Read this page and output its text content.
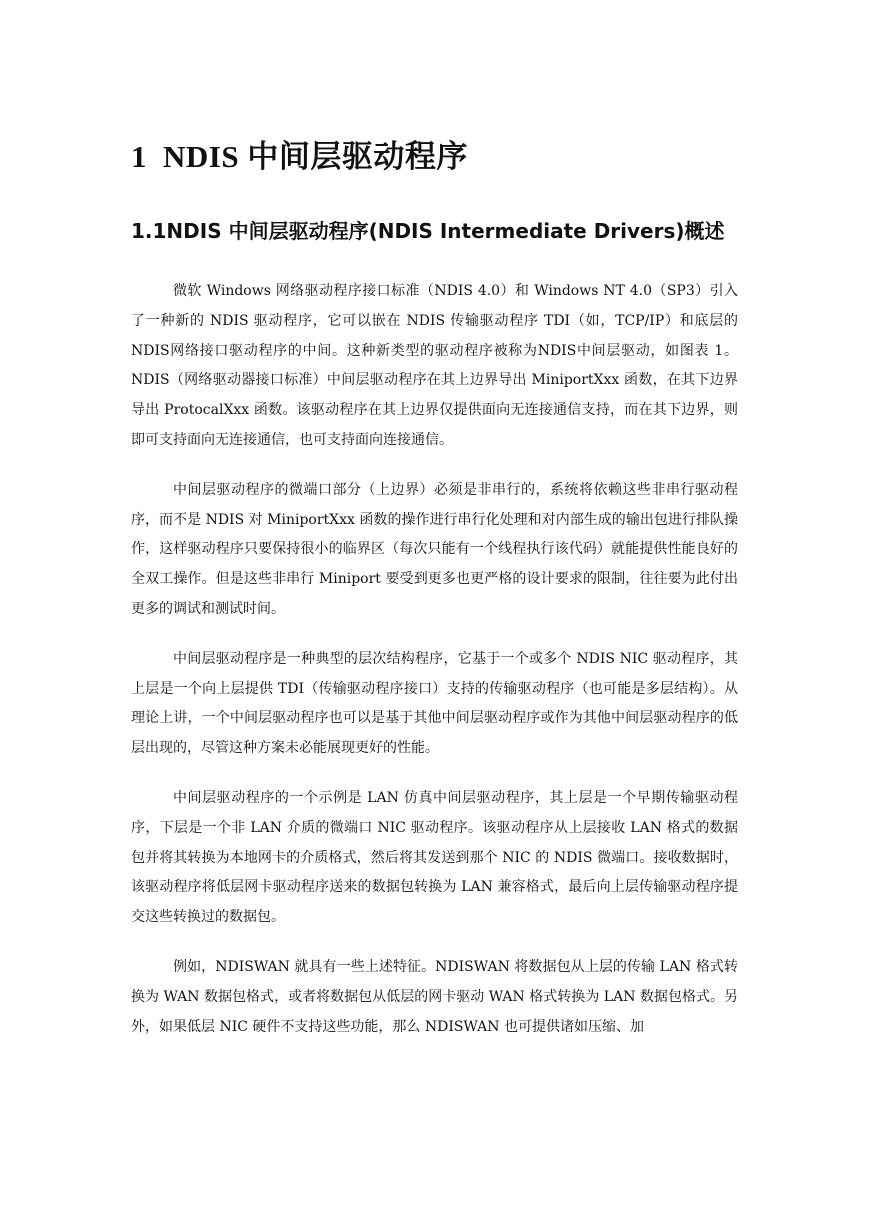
1 NDIS 中间层驱动程序
1.1NDIS 中间层驱动程序(NDIS Intermediate Drivers)概述

微软 Windows 网络驱动程序接口标准（NDIS 4.0）和 Windows NT 4.0（SP3）引入了一种新的 NDIS 驱动程序，它可以嵌在 NDIS 传输驱动程序 TDI（如，TCP/IP）和底层的 NDIS网络接口驱动程序的中间。这种新类型的驱动程序被称为NDIS中间层驱动，如图表 1。NDIS（网络驱动器接口标准）中间层驱动程序在其上边界导出 MiniportXxx 函数，在其下边界导出 ProtocalXxx 函数。该驱动程序在其上边界仅提供面向无连接通信支持，而在其下边界，则即可支持面向无连接通信，也可支持面向连接通信。

中间层驱动程序的微端口部分（上边界）必须是非串行的，系统将依赖这些非串行驱动程序，而不是 NDIS 对 MiniportXxx 函数的操作进行串行化处理和对内部生成的输出包进行排队操作，这样驱动程序只要保持很小的临界区（每次只能有一个线程执行该代码）就能提供性能良好的全双工操作。但是这些非串行 Miniport 要受到更多也更严格的设计要求的限制，往往要为此付出更多的调试和测试时间。

中间层驱动程序是一种典型的层次结构程序，它基于一个或多个 NDIS NIC 驱动程序，其上层是一个向上层提供 TDI（传输驱动程序接口）支持的传输驱动程序（也可能是多层结构）。从理论上讲，一个中间层驱动程序也可以是基于其他中间层驱动程序或作为其他中间层驱动程序的低层出现的，尽管这种方案未必能展现更好的性能。

中间层驱动程序的一个示例是 LAN 仿真中间层驱动程序，其上层是一个早期传输驱动程序，下层是一个非 LAN 介质的微端口 NIC 驱动程序。该驱动程序从上层接收 LAN 格式的数据包并将其转换为本地网卡的介质格式，然后将其发送到那个 NIC 的 NDIS 微端口。接收数据时，该驱动程序将低层网卡驱动程序送来的数据包转换为 LAN 兼容格式，最后向上层传输驱动程序提交这些转换过的数据包。

例如，NDISWAN 就具有一些上述特征。NDISWAN 将数据包从上层的传输 LAN 格式转换为 WAN 数据包格式，或者将数据包从低层的网卡驱动 WAN 格式转换为 LAN 数据包格式。另外，如果低层 NIC 硬件不支持这些功能，那么 NDISWAN 也可提供诸如压缩、加
